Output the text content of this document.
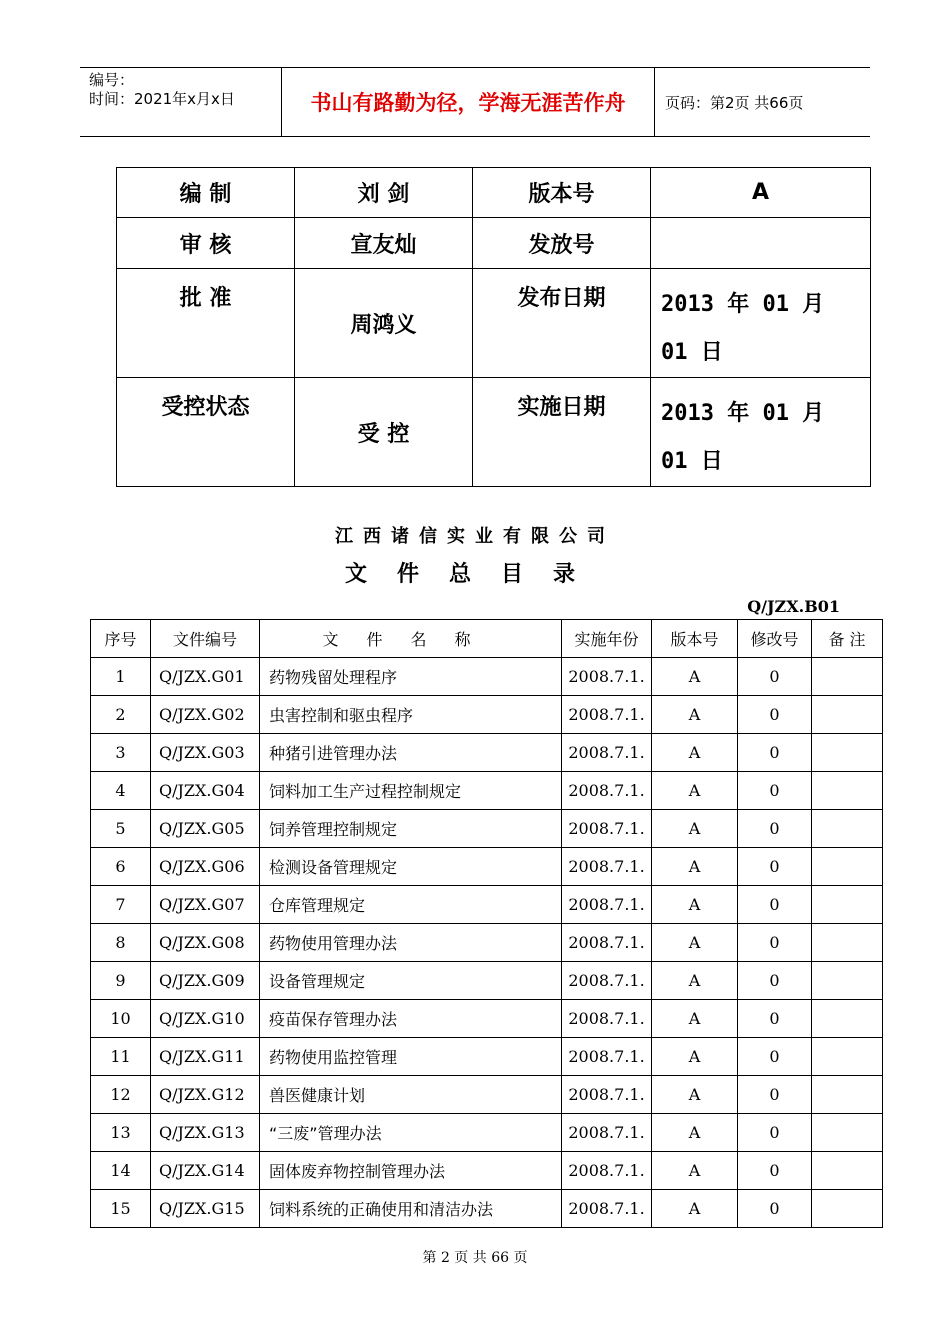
编号：
时间：2021年x月x日	书山有路勤为径，学海无涯苦作舟	页码：第2页 共66页
编 制	刘 剑	版本号	A
审 核	宣友灿	发放号	
批 准	周鸿义	发布日期	2013 年 01 月 01 日
受控状态	受 控	实施日期	2013 年 01 月 01 日
江西诸信实业有限公司
文件总目录
Q/JZX.B01
序号	文件编号	文件名称	实施年份	版本号	修改号	备 注
1	Q/JZX.G01	药物残留处理程序	2008.7.1.	A	0	
2	Q/JZX.G02	虫害控制和驱虫程序	2008.7.1.	A	0	
3	Q/JZX.G03	种猪引进管理办法	2008.7.1.	A	0	
4	Q/JZX.G04	饲料加工生产过程控制规定	2008.7.1.	A	0	
5	Q/JZX.G05	饲养管理控制规定	2008.7.1.	A	0	
6	Q/JZX.G06	检测设备管理规定	2008.7.1.	A	0	
7	Q/JZX.G07	仓库管理规定	2008.7.1.	A	0	
8	Q/JZX.G08	药物使用管理办法	2008.7.1.	A	0	
9	Q/JZX.G09	设备管理规定	2008.7.1.	A	0	
10	Q/JZX.G10	疫苗保存管理办法	2008.7.1.	A	0	
11	Q/JZX.G11	药物使用监控管理	2008.7.1.	A	0	
12	Q/JZX.G12	兽医健康计划	2008.7.1.	A	0	
13	Q/JZX.G13	“三废”管理办法	2008.7.1.	A	0	
14	Q/JZX.G14	固体废弃物控制管理办法	2008.7.1.	A	0	
15	Q/JZX.G15	饲料系统的正确使用和清洁办法	2008.7.1.	A	0	
第 2 页 共 66 页
